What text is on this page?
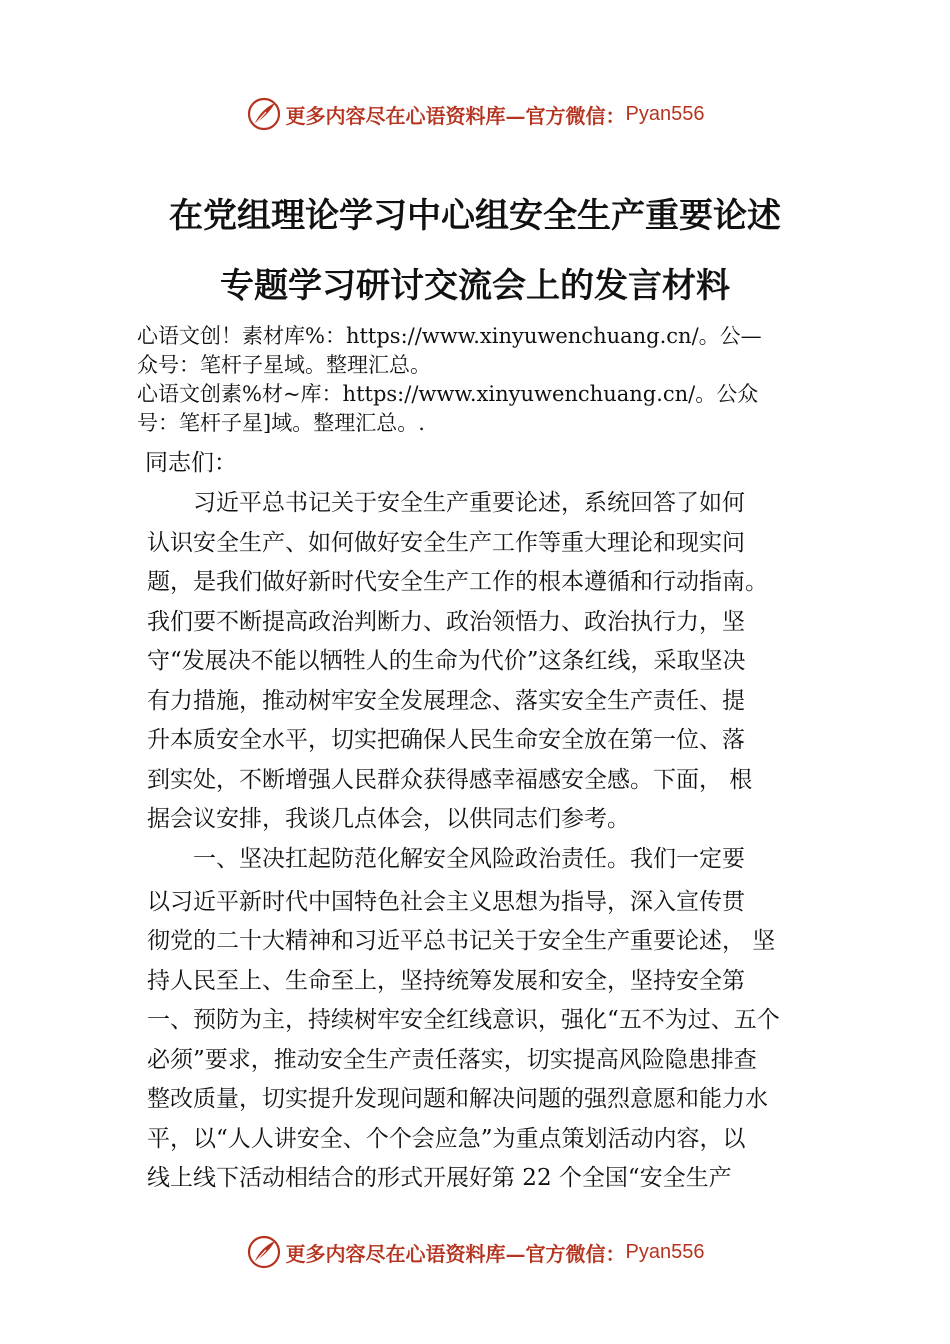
更多内容尽在心语资料库—官方微信： Pyan556
在党组理论学习中心组安全生产重要论述
专题学习研讨交流会上的发言材料
心语文创！素材库%：https://www.xinyuwenchuang.cn/。公—
众号：笔杆子星域。整理汇总。
心语文创素%材~库：https://www.xinyuwenchuang.cn/。公众
号：笔杆子星]域。整理汇总。.
同志们：
　　习近平总书记关于安全生产重要论述，系统回答了如何
认识安全生产、如何做好安全生产工作等重大理论和现实问
题，是我们做好新时代安全生产工作的根本遵循和行动指南。
我们要不断提高政治判断力、政治领悟力、政治执行力，坚
守“发展决不能以牺牲人的生命为代价”这条红线，采取坚决
有力措施，推动树牢安全发展理念、落实安全生产责任、提
升本质安全水平，切实把确保人民生命安全放在第一位、落
到实处，不断增强人民群众获得感幸福感安全感。下面， 根
据会议安排，我谈几点体会，以供同志们参考。
　　一、坚决扛起防范化解安全风险政治责任。我们一定要
以习近平新时代中国特色社会主义思想为指导，深入宣传贯
彻党的二十大精神和习近平总书记关于安全生产重要论述， 坚
持人民至上、生命至上，坚持统筹发展和安全，坚持安全第
一、预防为主，持续树牢安全红线意识，强化“五不为过、五个
必须”要求，推动安全生产责任落实，切实提高风险隐患排查
整改质量，切实提升发现问题和解决问题的强烈意愿和能力水
平，以“人人讲安全、个个会应急”为重点策划活动内容，以
线上线下活动相结合的形式开展好第 22 个全国“安全生产
更多内容尽在心语资料库—官方微信： Pyan556
